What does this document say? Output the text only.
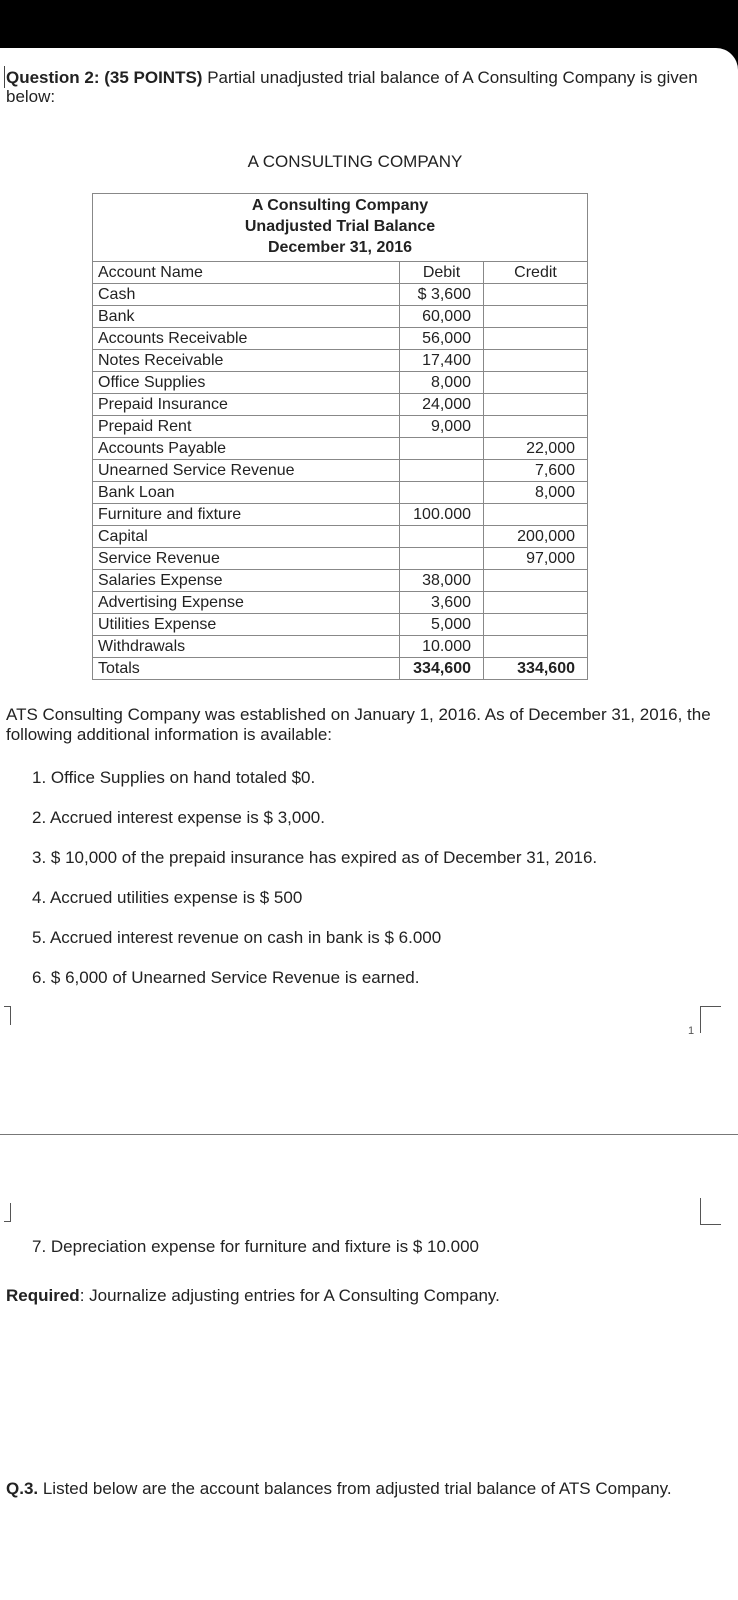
Question 2: (35 POINTS) Partial unadjusted trial balance of A Consulting Company is given below:
A CONSULTING COMPANY
A Consulting Company
Unadjusted Trial Balance
December 31, 2016		

Account Name	Debit	Credit
Cash	$ 3,600	
Bank	60,000	
Accounts Receivable	56,000	
Notes Receivable	17,400	
Office Supplies	8,000	
Prepaid Insurance	24,000	
Prepaid Rent	9,000	
Accounts Payable		22,000
Unearned Service Revenue		7,600
Bank Loan		8,000
Furniture and fixture	100.000	
Capital		200,000
Service Revenue		97,000
Salaries Expense	38,000	
Advertising Expense	3,600	
Utilities Expense	5,000	
Withdrawals	10.000	
Totals	334,600	334,600
ATS Consulting Company was established on January 1, 2016. As of December 31, 2016, the following additional information is available:
1. Office Supplies on hand totaled $0.
2. Accrued interest expense is $ 3,000.
3. $ 10,000 of the prepaid insurance has expired as of December 31, 2016.
4. Accrued utilities expense is $ 500
5. Accrued interest revenue on cash in bank is $ 6.000
6. $ 6,000 of Unearned Service Revenue is earned.
1
7. Depreciation expense for furniture and fixture is $ 10.000
Required: Journalize adjusting entries for A Consulting Company.
Q.3. Listed below are the account balances from adjusted trial balance of ATS Company.
